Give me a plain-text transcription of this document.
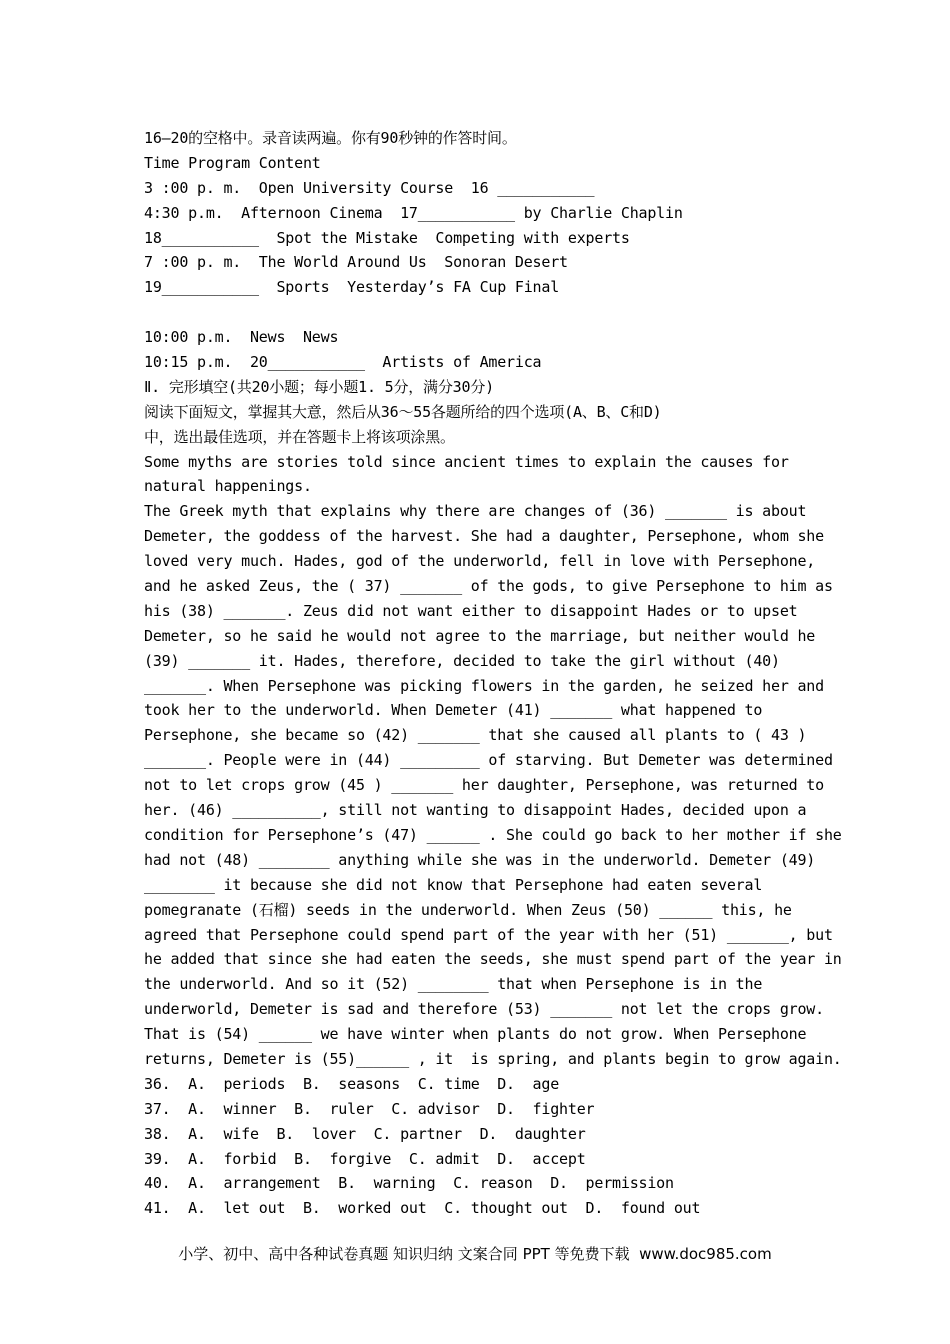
16—20的空格中。录音读两遍。你有90秒钟的作答时间。
Time Program Content
3 :00 p. m.  Open University Course  16 ___________
4:30 p.m.  Afternoon Cinema  17___________ by Charlie Chaplin
18___________  Spot the Mistake  Competing with experts
7 :00 p. m.  The World Around Us  Sonoran Desert
19___________  Sports  Yesterday’s FA Cup Final
10:00 p.m.  News  News
10:15 p.m.  20___________  Artists of America
Ⅱ. 完形填空(共20小题；每小题1. 5分，满分30分)
阅读下面短文，掌握其大意，然后从36～55各题所给的四个选项(A、B、C和D)
中，选出最佳选项，并在答题卡上将该项涂黑。
Some myths are stories told since ancient times to explain the causes for
natural happenings.
The Greek myth that explains why there are changes of (36) _______ is about
Demeter, the goddess of the harvest. She had a daughter, Persephone, whom she
loved very much. Hades, god of the underworld, fell in love with Persephone,
and he asked Zeus, the ( 37) _______ of the gods, to give Persephone to him as
his (38) _______. Zeus did not want either to disappoint Hades or to upset
Demeter, so he said he would not agree to the marriage, but neither would he
(39) _______ it. Hades, therefore, decided to take the girl without (40)
_______. When Persephone was picking flowers in the garden, he seized her and
took her to the underworld. When Demeter (41) _______ what happened to
Persephone, she became so (42) _______ that she caused all plants to ( 43 )
_______. People were in (44) _________ of starving. But Demeter was determined
not to let crops grow (45 ) _______ her daughter, Persephone, was returned to
her. (46) __________, still not wanting to disappoint Hades, decided upon a
condition for Persephone’s (47) ______ . She could go back to her mother if she
had not (48) ________ anything while she was in the underworld. Demeter (49)
________ it because she did not know that Persephone had eaten several
pomegranate (石榴) seeds in the underworld. When Zeus (50) ______ this, he
agreed that Persephone could spend part of the year with her (51) _______, but
he added that since she had eaten the seeds, she must spend part of the year in
the underworld. And so it (52) ________ that when Persephone is in the
underworld, Demeter is sad and therefore (53) _______ not let the crops grow.
That is (54) ______ we have winter when plants do not grow. When Persephone
returns, Demeter is (55)______ , it  is spring, and plants begin to grow again.
36.  A.  periods  B.  seasons  C. time  D.  age
37.  A.  winner  B.  ruler  C. advisor  D.  fighter
38.  A.  wife  B.  lover  C. partner  D.  daughter
39.  A.  forbid  B.  forgive  C. admit  D.  accept
40.  A.  arrangement  B.  warning  C. reason  D.  permission
41.  A.  let out  B.  worked out  C. thought out  D.  found out
小学、初中、高中各种试卷真题 知识归纳 文案合同 PPT 等免费下载  www.doc985.com
